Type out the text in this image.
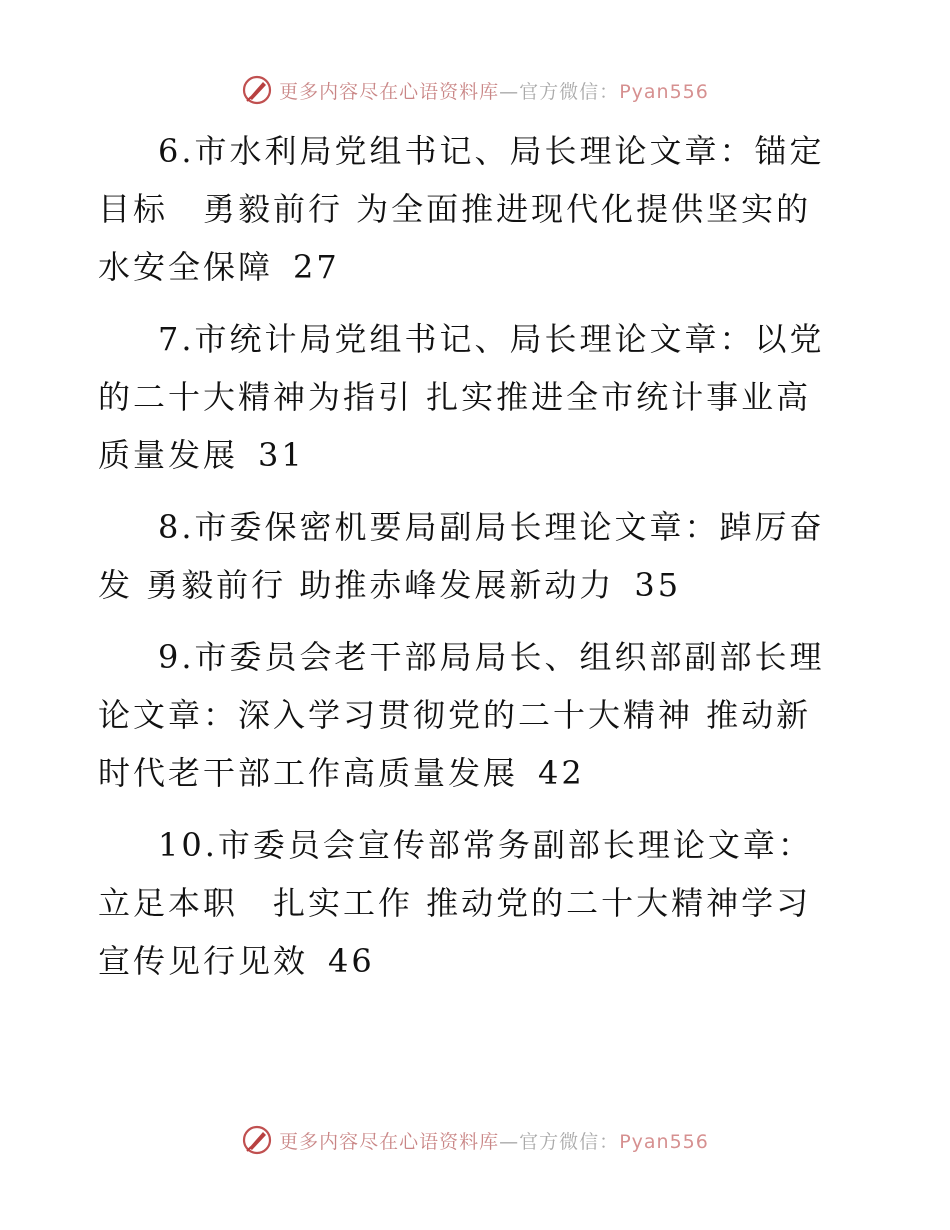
更多内容尽在心语资料库—官方微信：Pyan556

6.市水利局党组书记、局长理论文章：锚定目标　勇毅前行 为全面推进现代化提供坚实的水安全保障 27

7.市统计局党组书记、局长理论文章：以党的二十大精神为指引 扎实推进全市统计事业高质量发展 31

8.市委保密机要局副局长理论文章：踔厉奋发 勇毅前行 助推赤峰发展新动力 35

9.市委员会老干部局局长、组织部副部长理论文章：深入学习贯彻党的二十大精神 推动新时代老干部工作高质量发展 42

10.市委员会宣传部常务副部长理论文章：立足本职　扎实工作 推动党的二十大精神学习宣传见行见效 46

更多内容尽在心语资料库—官方微信：Pyan556
